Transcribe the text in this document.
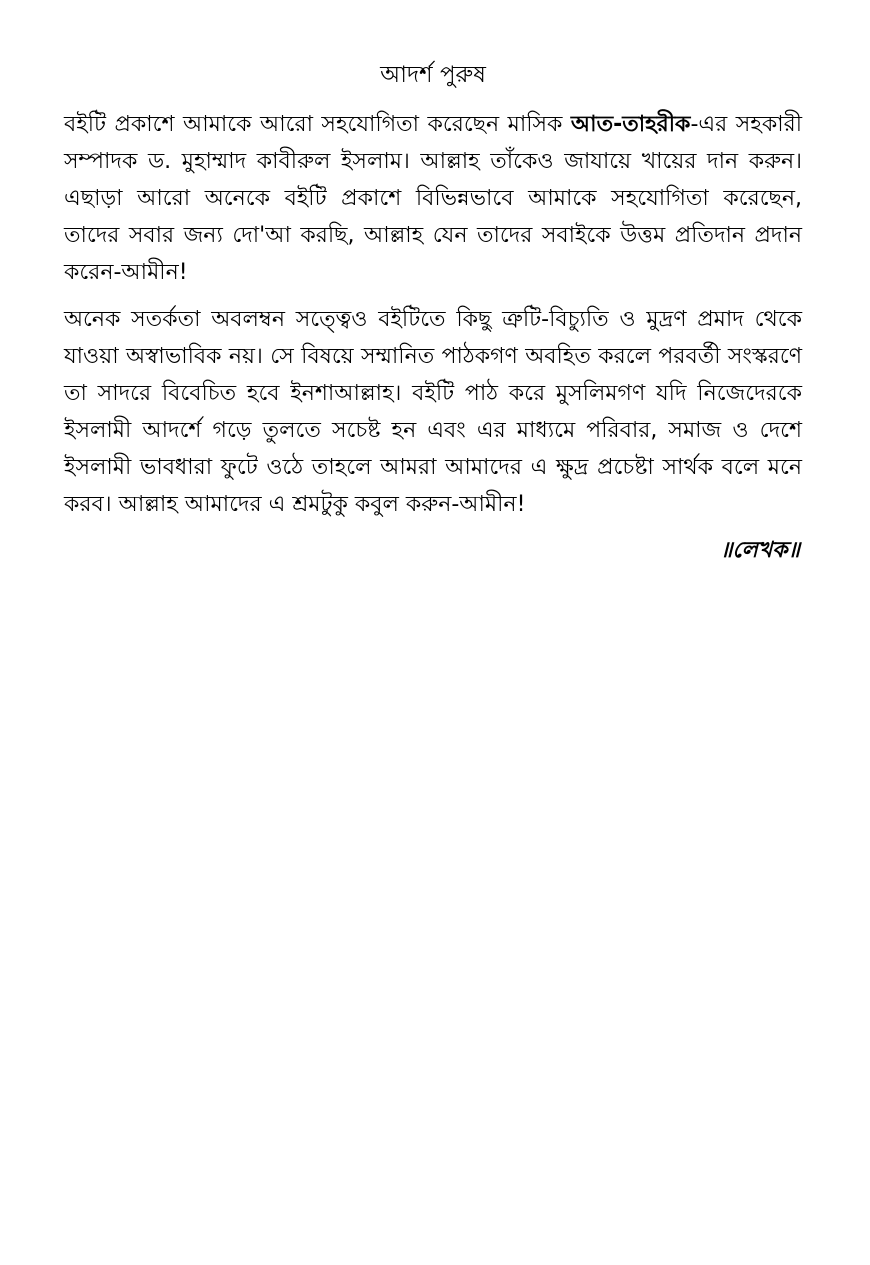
আদর্শ পুরুষ

বইটি প্রকাশে আমাকে আরো সহযোগিতা করেছেন মাসিক আত-তাহরীক-এর সহকারী সম্পাদক ড. মুহাম্মাদ কাবীরুল ইসলাম। আল্লাহ তাঁকেও জাযায়ে খায়ের দান করুন। এছাড়া আরো অনেকে বইটি প্রকাশে বিভিন্নভাবে আমাকে সহযোগিতা করেছেন, তাদের সবার জন্য দো'আ করছি, আল্লাহ যেন তাদের সবাইকে উত্তম প্রতিদান প্রদান করেন-আমীন!

অনেক সতর্কতা অবলম্বন সত্ত্বেও বইটিতে কিছু ত্রুটি-বিচ্যুতি ও মুদ্রণ প্রমাদ থেকে যাওয়া অস্বাভাবিক নয়। সে বিষয়ে সম্মানিত পাঠকগণ অবহিত করলে পরবর্তী সংস্করণে তা সাদরে বিবেচিত হবে ইনশাআল্লাহ। বইটি পাঠ করে মুসলিমগণ যদি নিজেদেরকে ইসলামী আদর্শে গড়ে তুলতে সচেষ্ট হন এবং এর মাধ্যমে পরিবার, সমাজ ও দেশে ইসলামী ভাবধারা ফুটে ওঠে তাহলে আমরা আমাদের এ ক্ষুদ্র প্রচেষ্টা সার্থক বলে মনে করব। আল্লাহ আমাদের এ শ্রমটুকু কবুল করুন-আমীন!

॥লেখক॥
